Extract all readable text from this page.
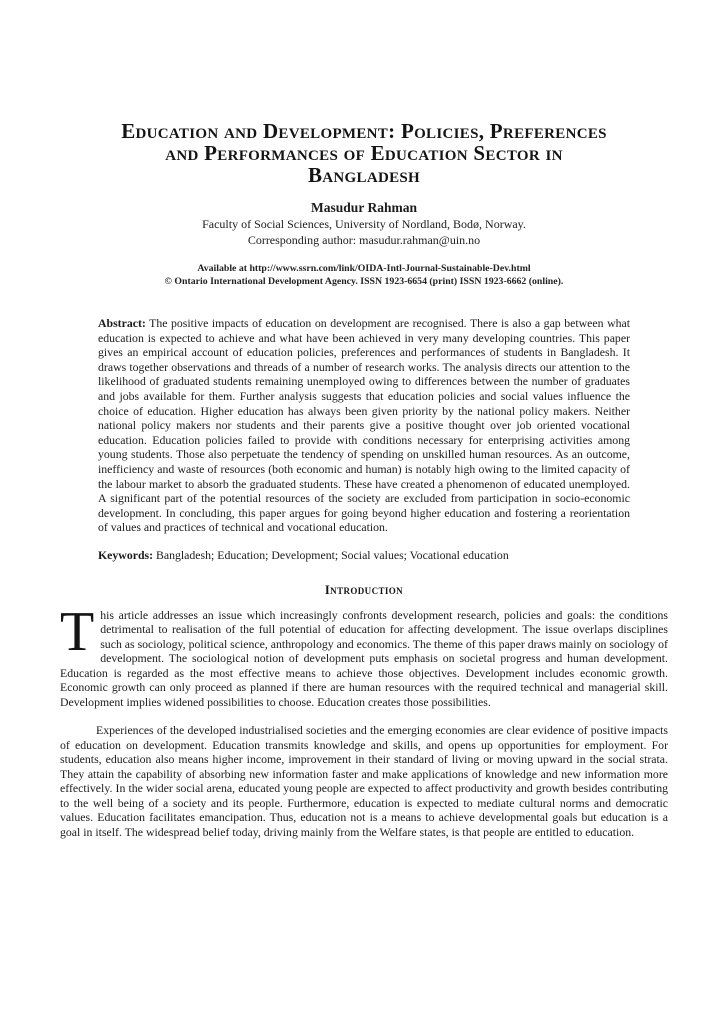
Education and Development: Policies, Preferences
and Performances of Education Sector in
Bangladesh
Masudur Rahman
Faculty of Social Sciences, University of Nordland, Bodø, Norway.
Corresponding author: masudur.rahman@uin.no
Available at http://www.ssrn.com/link/OIDA-Intl-Journal-Sustainable-Dev.html
© Ontario International Development Agency. ISSN 1923-6654 (print) ISSN 1923-6662 (online).

Abstract: The positive impacts of education on development are recognised. There is also a gap between what education is expected to achieve and what have been achieved in very many developing countries. This paper gives an empirical account of education policies, preferences and performances of students in Bangladesh. It draws together observations and threads of a number of research works. The analysis directs our attention to the likelihood of graduated students remaining unemployed owing to differences between the number of graduates and jobs available for them. Further analysis suggests that education policies and social values influence the choice of education. Higher education has always been given priority by the national policy makers. Neither national policy makers nor students and their parents give a positive thought over job oriented vocational education. Education policies failed to provide with conditions necessary for enterprising activities among young students. Those also perpetuate the tendency of spending on unskilled human resources. As an outcome, inefficiency and waste of resources (both economic and human) is notably high owing to the limited capacity of the labour market to absorb the graduated students. These have created a phenomenon of educated unemployed. A significant part of the potential resources of the society are excluded from participation in socio-economic development. In concluding, this paper argues for going beyond higher education and fostering a reorientation of values and practices of technical and vocational education.

Keywords: Bangladesh; Education; Development; Social values; Vocational education

Introduction

This article addresses an issue which increasingly confronts development research, policies and goals: the conditions detrimental to realisation of the full potential of education for affecting development. The issue overlaps disciplines such as sociology, political science, anthropology and economics. The theme of this paper draws mainly on sociology of development. The sociological notion of development puts emphasis on societal progress and human development. Education is regarded as the most effective means to achieve those objectives. Development includes economic growth. Economic growth can only proceed as planned if there are human resources with the required technical and managerial skill. Development implies widened possibilities to choose. Education creates those possibilities.

Experiences of the developed industrialised societies and the emerging economies are clear evidence of positive impacts of education on development. Education transmits knowledge and skills, and opens up opportunities for employment. For students, education also means higher income, improvement in their standard of living or moving upward in the social strata. They attain the capability of absorbing new information faster and make applications of knowledge and new information more effectively. In the wider social arena, educated young people are expected to affect productivity and growth besides contributing to the well being of a society and its people. Furthermore, education is expected to mediate cultural norms and democratic values. Education facilitates emancipation. Thus, education not is a means to achieve developmental goals but education is a goal in itself. The widespread belief today, driving mainly from the Welfare states, is that people are entitled to education.
